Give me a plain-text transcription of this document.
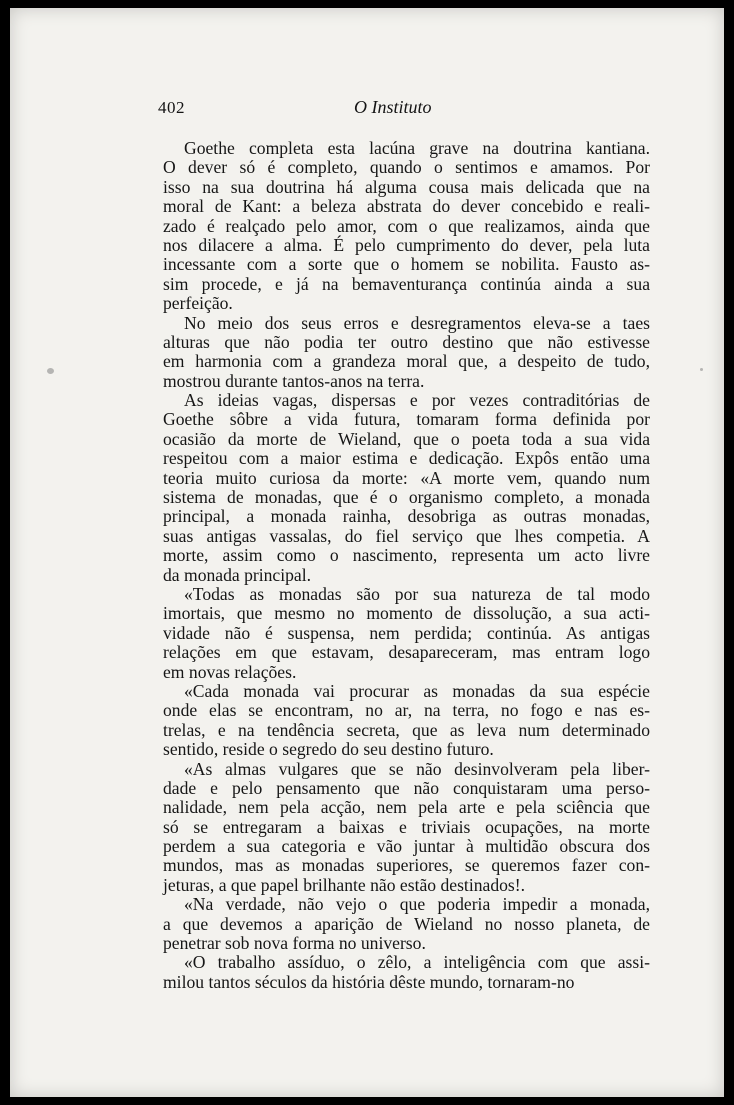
402	O Instituto
Goethe completa esta lacúna grave na doutrina kantiana.
O dever só é completo, quando o sentimos e amamos. Por
isso na sua doutrina há alguma cousa mais delicada que na
moral de Kant: a beleza abstrata do dever concebido e reali-
zado é realçado pelo amor, com o que realizamos, ainda que
nos dilacere a alma. É pelo cumprimento do dever, pela luta
incessante com a sorte que o homem se nobilita. Fausto as-
sim procede, e já na bemaventurança continúa ainda a sua
perfeição.
No meio dos seus erros e desregramentos eleva-se a taes
alturas que não podia ter outro destino que não estivesse
em harmonia com a grandeza moral que, a despeito de tudo,
mostrou durante tantos-anos na terra.
As ideias vagas, dispersas e por vezes contraditórias de
Goethe sôbre a vida futura, tomaram forma definida por
ocasião da morte de Wieland, que o poeta toda a sua vida
respeitou com a maior estima e dedicação. Expôs então uma
teoria muito curiosa da morte: «A morte vem, quando num
sistema de monadas, que é o organismo completo, a monada
principal, a monada rainha, desobriga as outras monadas,
suas antigas vassalas, do fiel serviço que lhes competia. A
morte, assim como o nascimento, representa um acto livre
da monada principal.
«Todas as monadas são por sua natureza de tal modo
imortais, que mesmo no momento de dissolução, a sua acti-
vidade não é suspensa, nem perdida; continúa. As antigas
relações em que estavam, desapareceram, mas entram logo
em novas relações.
«Cada monada vai procurar as monadas da sua espécie
onde elas se encontram, no ar, na terra, no fogo e nas es-
trelas, e na tendência secreta, que as leva num determinado
sentido, reside o segredo do seu destino futuro.
«As almas vulgares que se não desinvolveram pela liber-
dade e pelo pensamento que não conquistaram uma perso-
nalidade, nem pela acção, nem pela arte e pela sciência que
só se entregaram a baixas e triviais ocupações, na morte
perdem a sua categoria e vão juntar à multidão obscura dos
mundos, mas as monadas superiores, se queremos fazer con-
jeturas, a que papel brilhante não estão destinados!.
«Na verdade, não vejo o que poderia impedir a monada,
a que devemos a aparição de Wieland no nosso planeta, de
penetrar sob nova forma no universo.
«O trabalho assíduo, o zêlo, a inteligência com que assi-
milou tantos séculos da história dêste mundo, tornaram-no
